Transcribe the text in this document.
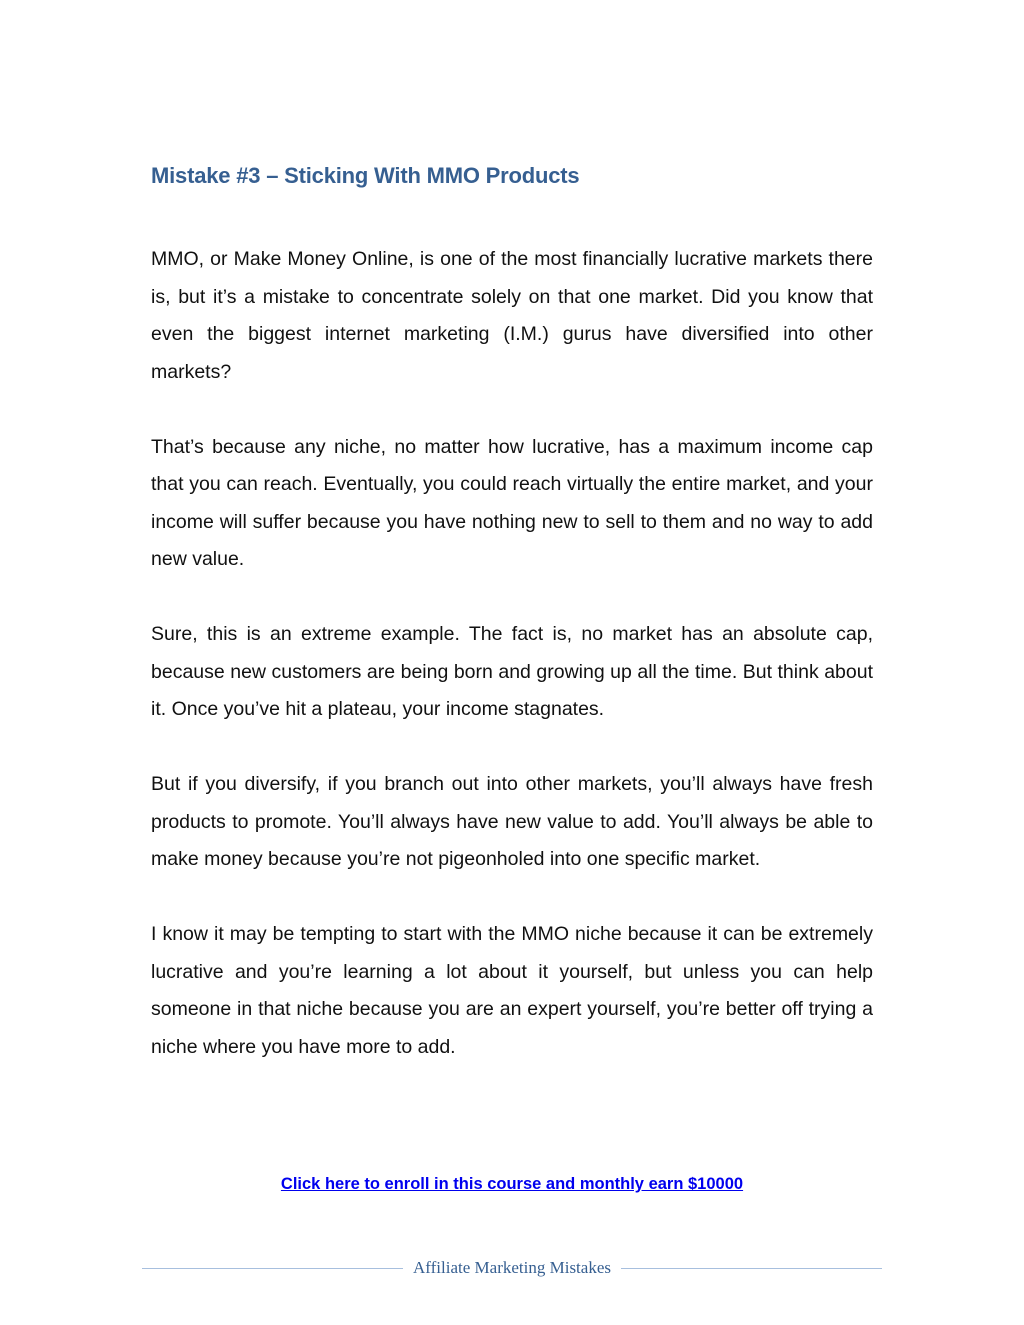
Mistake #3 – Sticking With MMO Products

MMO, or Make Money Online, is one of the most financially lucrative markets there is, but it’s a mistake to concentrate solely on that one market. Did you know that even the biggest internet marketing (I.M.) gurus have diversified into other markets?

That’s because any niche, no matter how lucrative, has a maximum income cap that you can reach. Eventually, you could reach virtually the entire market, and your income will suffer because you have nothing new to sell to them and no way to add new value.

Sure, this is an extreme example. The fact is, no market has an absolute cap, because new customers are being born and growing up all the time. But think about it. Once you’ve hit a plateau, your income stagnates.

But if you diversify, if you branch out into other markets, you’ll always have fresh products to promote. You’ll always have new value to add. You’ll always be able to make money because you’re not pigeonholed into one specific market.

I know it may be tempting to start with the MMO niche because it can be extremely lucrative and you’re learning a lot about it yourself, but unless you can help someone in that niche because you are an expert yourself, you’re better off trying a niche where you have more to add.

Click here to enroll in this course and monthly earn $10000
Affiliate Marketing Mistakes
